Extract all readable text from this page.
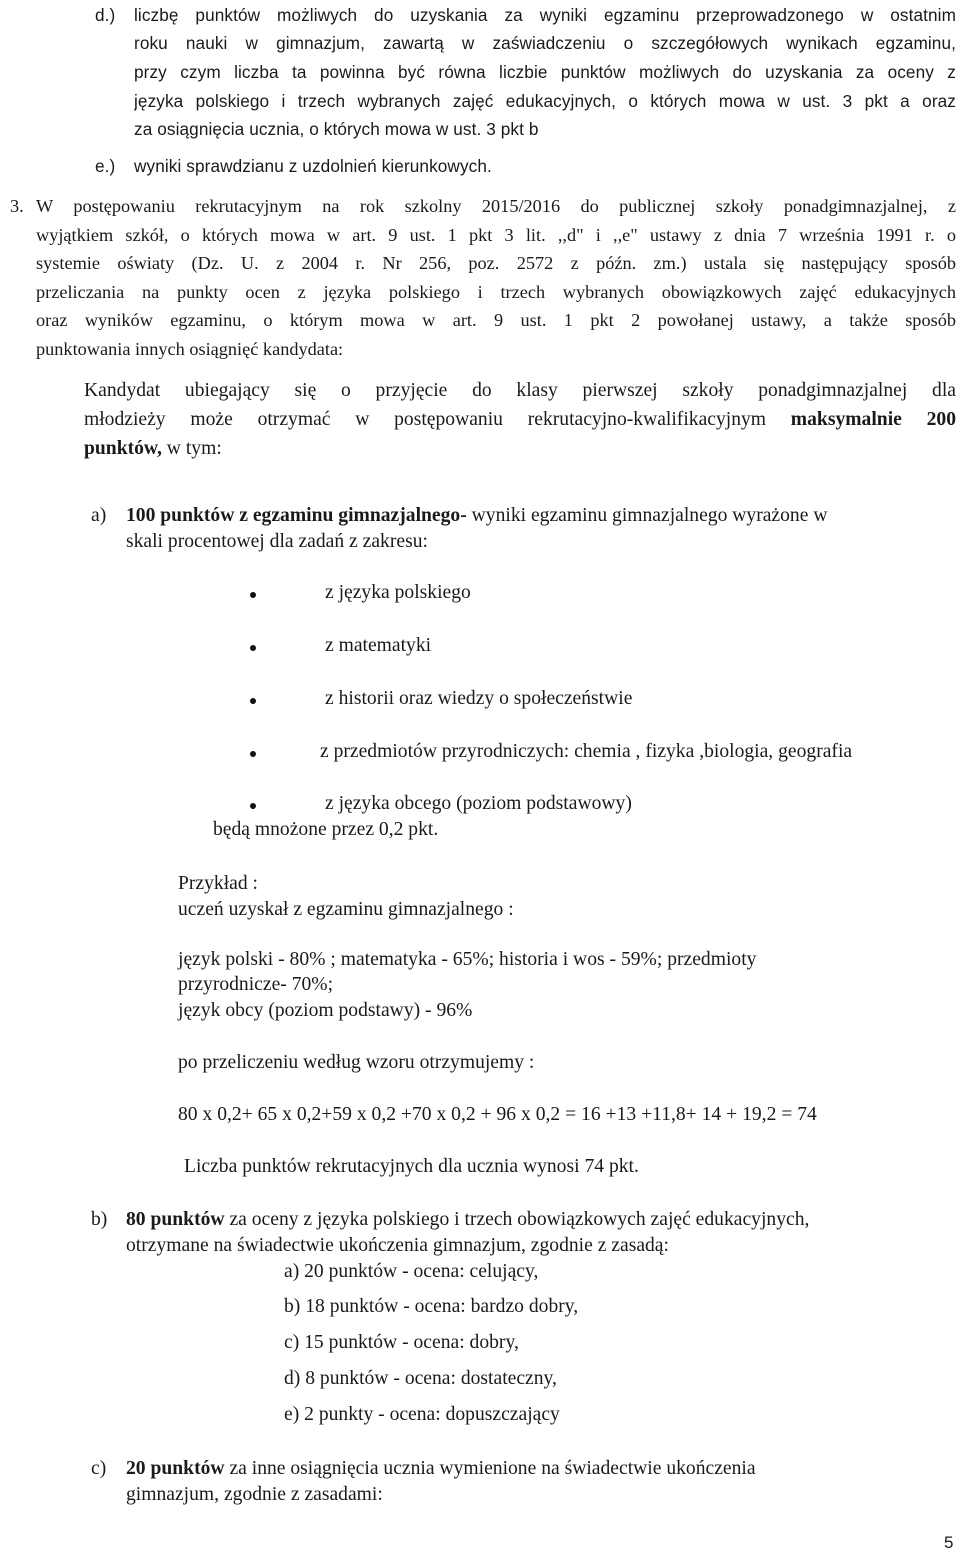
d.) liczbę punktów możliwych do uzyskania za wyniki egzaminu przeprowadzonego w ostatnim
roku nauki w gimnazjum, zawartą w zaświadczeniu o szczegółowych wynikach egzaminu,
przy czym liczba ta powinna być równa liczbie punktów możliwych do uzyskania za oceny z
języka polskiego i trzech wybranych zajęć edukacyjnych, o których mowa w ust. 3 pkt a oraz
za osiągnięcia ucznia, o których mowa w ust. 3 pkt b
e.) wyniki sprawdzianu z uzdolnień kierunkowych.
3. W postępowaniu rekrutacyjnym na rok szkolny 2015/2016 do publicznej szkoły ponadgimnazjalnej, z
wyjątkiem szkół, o których mowa w art. 9 ust. 1 pkt 3 lit. ,,d" i ,,e" ustawy z dnia 7 września 1991 r. o
systemie oświaty (Dz. U. z 2004 r. Nr 256, poz. 2572 z późn. zm.) ustala się następujący sposób
przeliczania na punkty ocen z języka polskiego i trzech wybranych obowiązkowych zajęć edukacyjnych
oraz wyników egzaminu, o którym mowa w art. 9 ust. 1 pkt 2 powołanej ustawy, a także sposób
punktowania innych osiągnięć kandydata:
Kandydat ubiegający się o przyjęcie do klasy pierwszej szkoły ponadgimnazjalnej dla
młodzieży może otrzymać w postępowaniu rekrutacyjno-kwalifikacyjnym maksymalnie 200
punktów, w tym:
a) 100 punktów z egzaminu gimnazjalnego- wyniki egzaminu gimnazjalnego wyrażone w
skali procentowej dla zadań z zakresu:
z języka polskiego
z matematyki
z historii oraz wiedzy o społeczeństwie
z przedmiotów przyrodniczych: chemia , fizyka ,biologia, geografia
z języka obcego (poziom podstawowy)
będą mnożone przez 0,2 pkt.
Przykład :
uczeń uzyskał z egzaminu gimnazjalnego :
język polski - 80% ; matematyka - 65%; historia i wos - 59%; przedmioty
przyrodnicze- 70%;
język obcy (poziom podstawy) - 96%
po przeliczeniu według wzoru otrzymujemy :
80 x 0,2+ 65 x 0,2+59 x 0,2 +70 x 0,2 + 96 x 0,2 = 16 +13 +11,8+ 14 + 19,2 = 74
Liczba punktów rekrutacyjnych dla ucznia wynosi 74 pkt.
b) 80 punktów za oceny z języka polskiego i trzech obowiązkowych zajęć edukacyjnych,
otrzymane na świadectwie ukończenia gimnazjum, zgodnie z zasadą:
a) 20 punktów - ocena: celujący,
b) 18 punktów - ocena: bardzo dobry,
c) 15 punktów - ocena: dobry,
d) 8 punktów - ocena: dostateczny,
e) 2 punkty - ocena: dopuszczający
c) 20 punktów za inne osiągnięcia ucznia wymienione na świadectwie ukończenia
gimnazjum, zgodnie z zasadami:
5
